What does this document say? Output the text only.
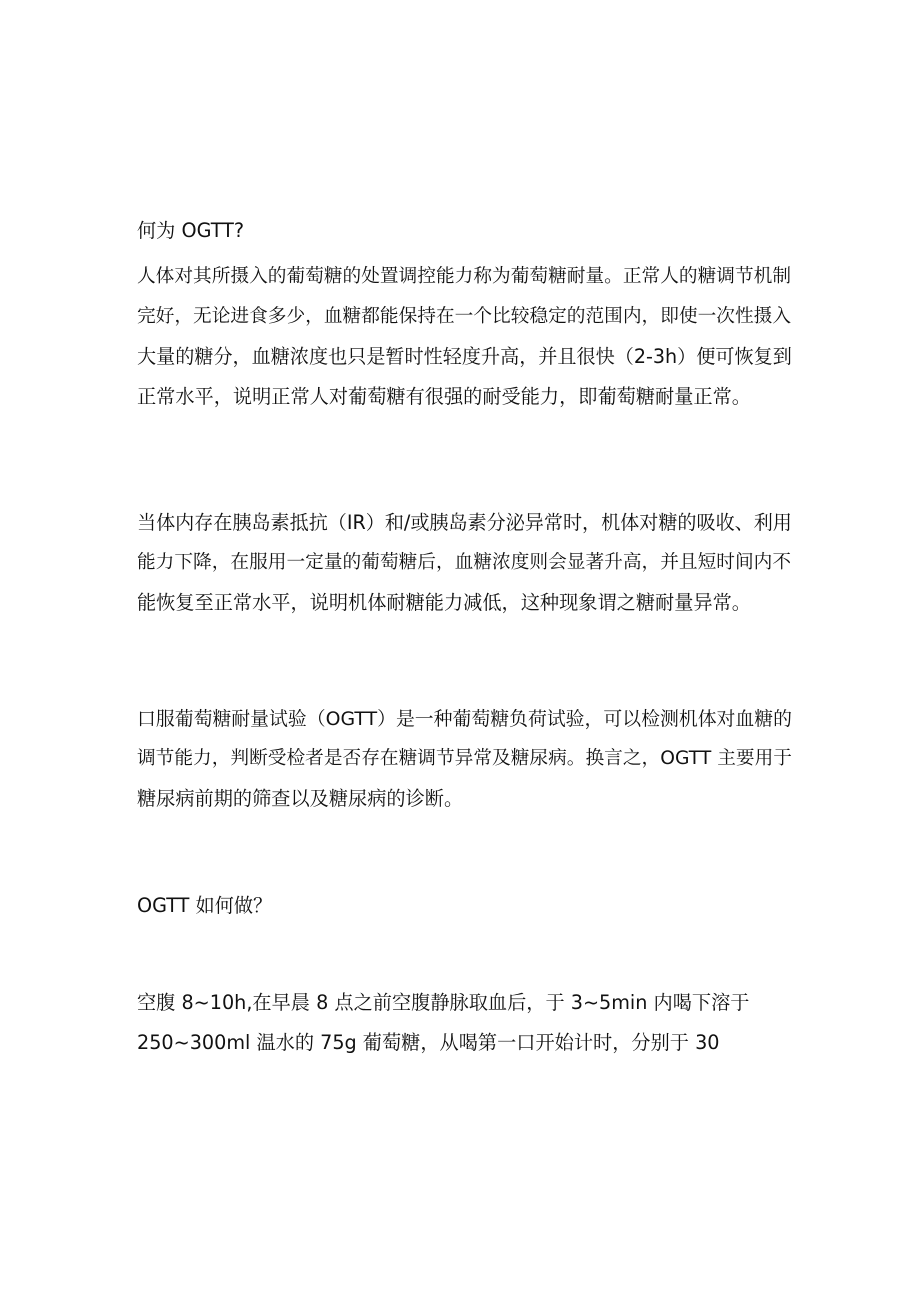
何为 OGTT?
人体对其所摄入的葡萄糖的处置调控能力称为葡萄糖耐量。正常人的糖调节机制
完好，无论进食多少，血糖都能保持在一个比较稳定的范围内，即使一次性摄入
大量的糖分，血糖浓度也只是暂时性轻度升高，并且很快（2-3h）便可恢复到
正常水平，说明正常人对葡萄糖有很强的耐受能力，即葡萄糖耐量正常。
当体内存在胰岛素抵抗（IR）和/或胰岛素分泌异常时，机体对糖的吸收、利用
能力下降，在服用一定量的葡萄糖后，血糖浓度则会显著升高，并且短时间内不
能恢复至正常水平，说明机体耐糖能力减低，这种现象谓之糖耐量异常。
口服葡萄糖耐量试验（OGTT）是一种葡萄糖负荷试验，可以检测机体对血糖的
调节能力，判断受检者是否存在糖调节异常及糖尿病。换言之，OGTT 主要用于
糖尿病前期的筛查以及糖尿病的诊断。
OGTT 如何做？
空腹 8~10h,在早晨 8 点之前空腹静脉取血后，于 3~5min 内喝下溶于
250~300ml 温水的 75g 葡萄糖，从喝第一口开始计时，分别于 30
